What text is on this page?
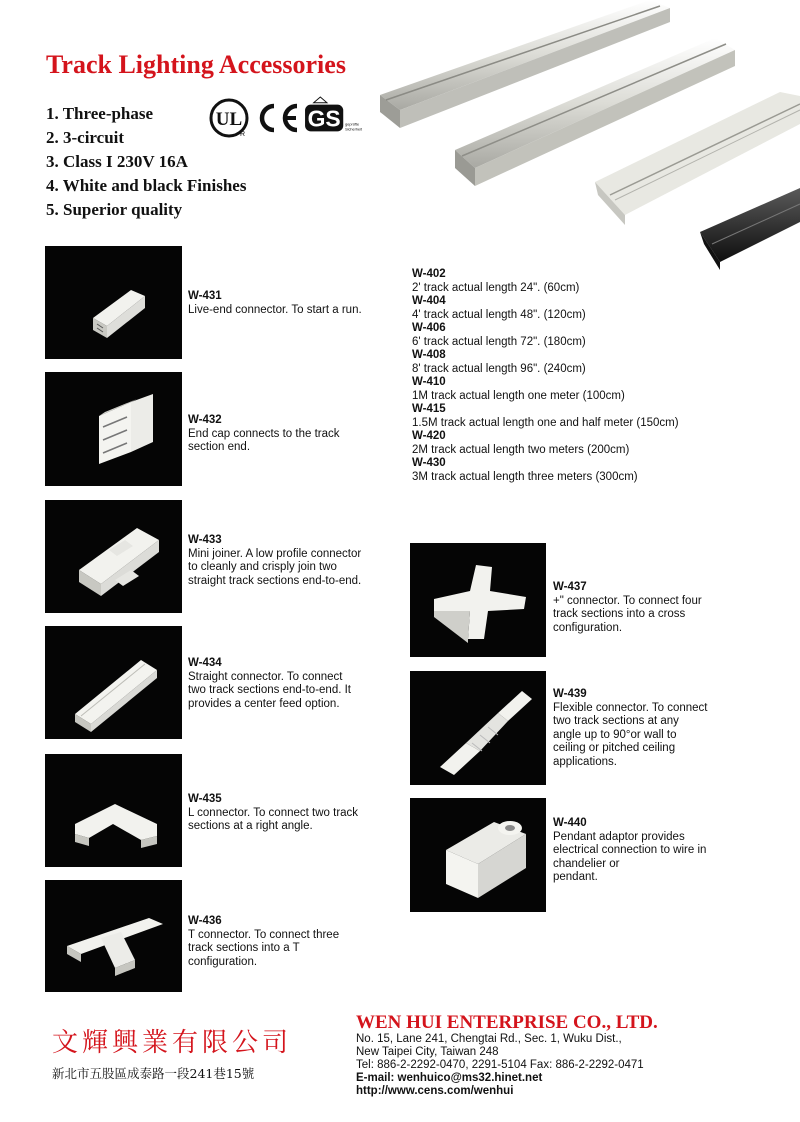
Track Lighting Accessories
1. Three-phase
2. 3-circuit
3. Class I 230V 16A
4. White and black Finishes
5. Superior quality
UL
R
GS geprüfte
Sicherheit
W-431
Live-end connector. To start a run.
W-432
End cap connects to the track
section end.
W-433
Mini joiner. A low profile connector
to cleanly and crisply join two
straight track sections end-to-end.
W-434
Straight connector. To connect
two track sections end-to-end. It
provides a center feed option.
W-435
L connector. To connect two track
sections at a right angle.
W-436
T connector. To connect three
track sections into a T
configuration.
W-402
2' track actual length 24". (60cm)
W-404
4' track actual length 48". (120cm)
W-406
6' track actual length 72". (180cm)
W-408
8' track actual length 96". (240cm)
W-410
1M track actual length one meter (100cm)
W-415
1.5M track actual length one and half meter (150cm)
W-420
2M track actual length two meters (200cm)
W-430
3M track actual length three meters (300cm)
W-437
+" connector. To connect four
track sections into a cross
configuration.
W-439
Flexible connector. To connect
two track sections at any
angle up to 90°or wall to
ceiling or pitched ceiling
applications.
W-440
Pendant adaptor provides
electrical connection to wire in
chandelier or
pendant.
文輝興業有限公司
新北市五股區成泰路一段241巷15號
WEN HUI ENTERPRISE CO., LTD.
No. 15, Lane 241, Chengtai Rd., Sec. 1, Wuku Dist.,
New Taipei City, Taiwan 248
Tel: 886-2-2292-0470, 2291-5104 Fax: 886-2-2292-0471
E-mail: wenhuico@ms32.hinet.net
http://www.cens.com/wenhui
